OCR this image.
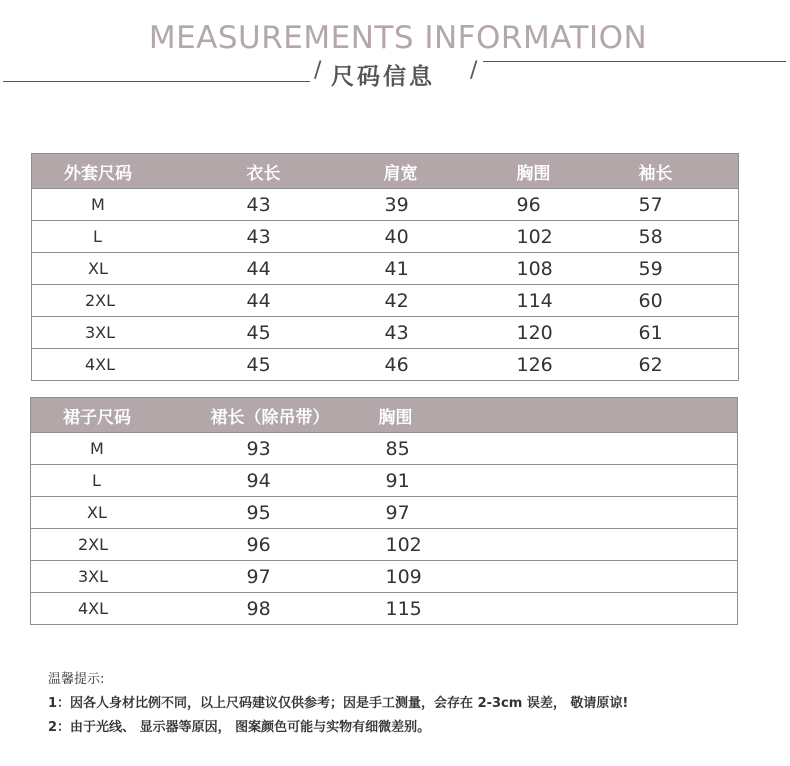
MEASUREMENTS INFORMATION
/ 尺码信息 /
外套尺码	衣长	肩宽	胸围	袖长
M	43	39	96	57
L	43	40	102	58
XL	44	41	108	59
2XL	44	42	114	60
3XL	45	43	120	61
4XL	45	46	126	62
裙子尺码	裙长（除吊带）	胸围
M	93	85
L	94	91
XL	95	97
2XL	96	102
3XL	97	109
4XL	98	115
温馨提示:
1：因各人身材比例不同，以上尺码建议仅供参考；因是手工测量，会存在 2-3cm 误差， 敬请原谅!
2：由于光线、 显示器等原因， 图案颜色可能与实物有细微差别。
